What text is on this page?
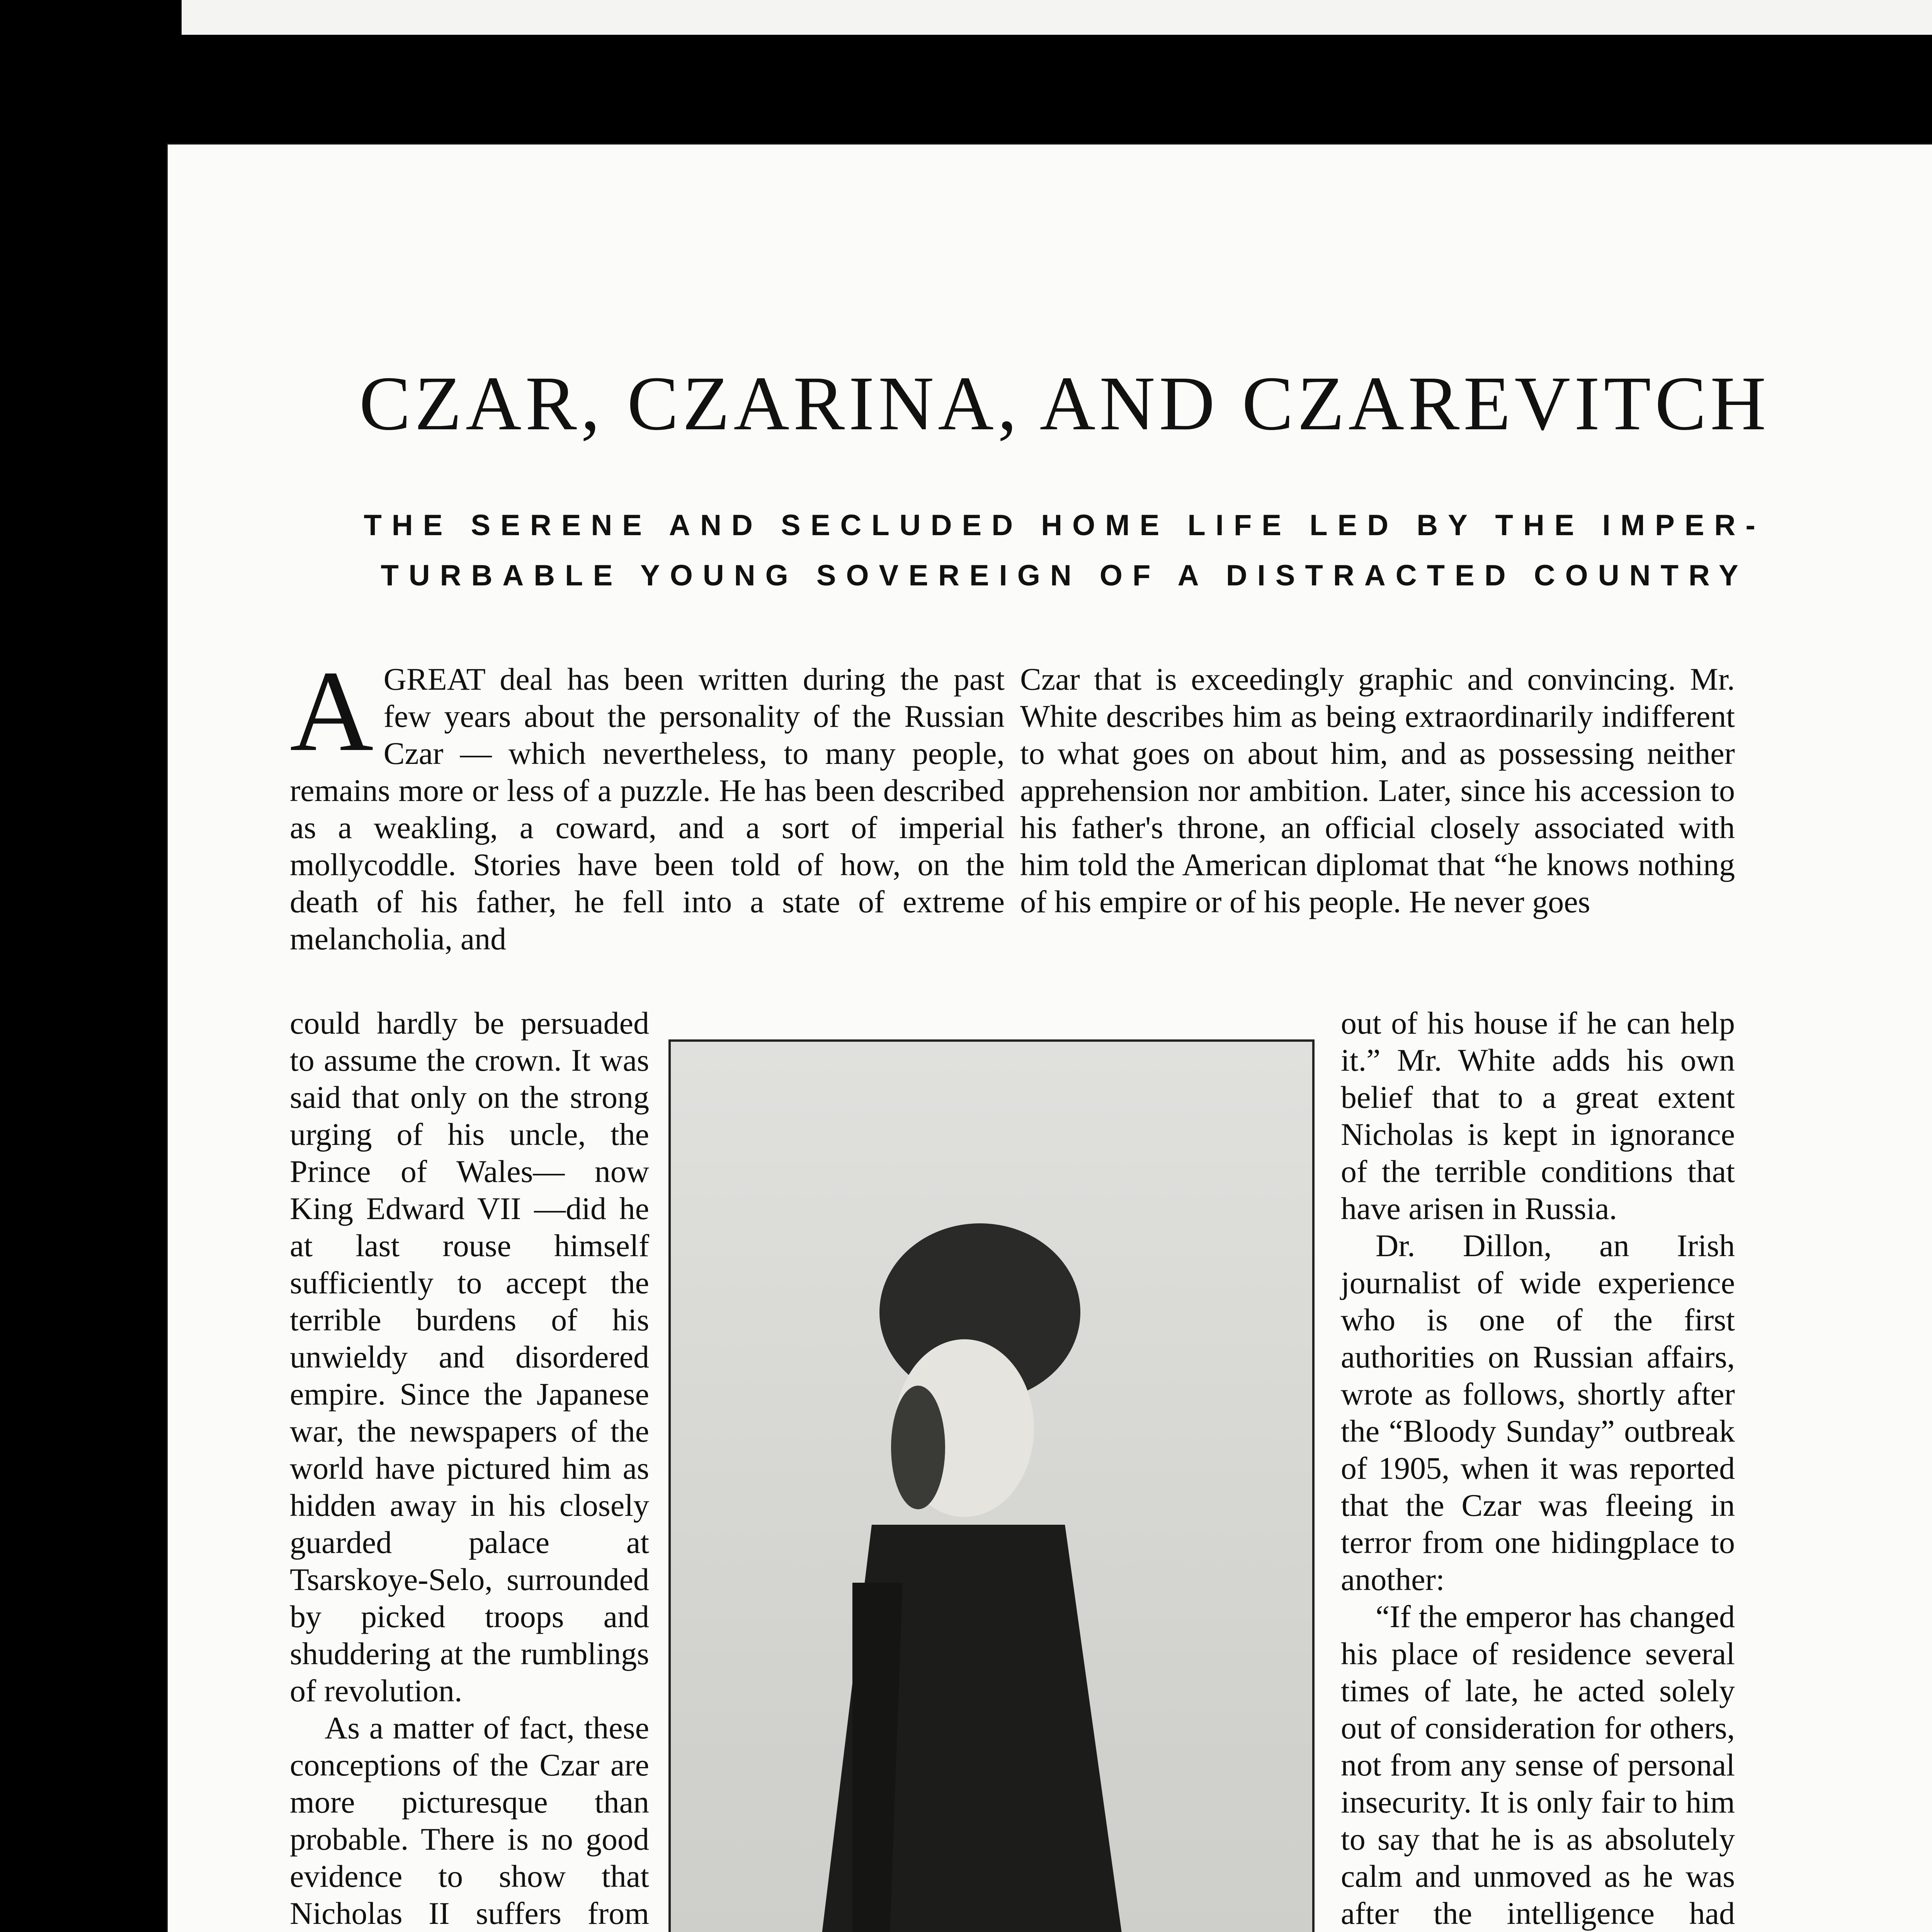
CZAR, CZARINA, AND CZAREVITCH
THE SERENE AND SECLUDED HOME LIFE LED BY THE IMPER-
TURBABLE YOUNG SOVEREIGN OF A DISTRACTED COUNTRY
A GREAT deal has been written during the past few years about the personality of the Russian Czar — which nevertheless, to many people, remains more or less of a puzzle. He has been described as a weakling, a coward, and a sort of imperial mollycoddle. Stories have been told of how, on the death of his father, he fell into a state of extreme melancholia, and

Czar that is exceedingly graphic and convincing. Mr. White describes him as being extraordinarily indifferent to what goes on about him, and as possessing neither apprehension nor ambition. Later, since his accession to his father's throne, an official closely associated with him told the American diplomat that “he knows nothing of his empire or of his people. He never goes

could hardly be persuaded to assume the crown. It was said that only on the strong urging of his uncle, the Prince of Wales— now King Edward VII —did he at last rouse himself sufficiently to accept the terrible burdens of his unwieldy and disordered empire. Since the Japanese war, the newspapers of the world have pictured him as hidden away in his closely guarded palace at Tsarskoye-Selo, surrounded by picked troops and shuddering at the rumblings of revolution.

As a matter of fact, these conceptions of the Czar are more picturesque than probable. There is no good evidence to show that Nicholas II suffers from

out of his house if he can help it.” Mr. White adds his own belief that to a great extent Nicholas is kept in ignorance of the terrible conditions that have arisen in Russia.

Dr. Dillon, an Irish journalist of wide experience who is one of the first authorities on Russian affairs, wrote as follows, shortly after the “Bloody Sunday” outbreak of 1905, when it was reported that the Czar was fleeing in terror from one hidingplace to another:

“If the emperor has changed his place of residence several times of late, he acted solely out of consideration for others, not from any sense of personal insecurity. It is only fair to him to say that he is as absolutely calm and unmoved as he was after the intelligence had
